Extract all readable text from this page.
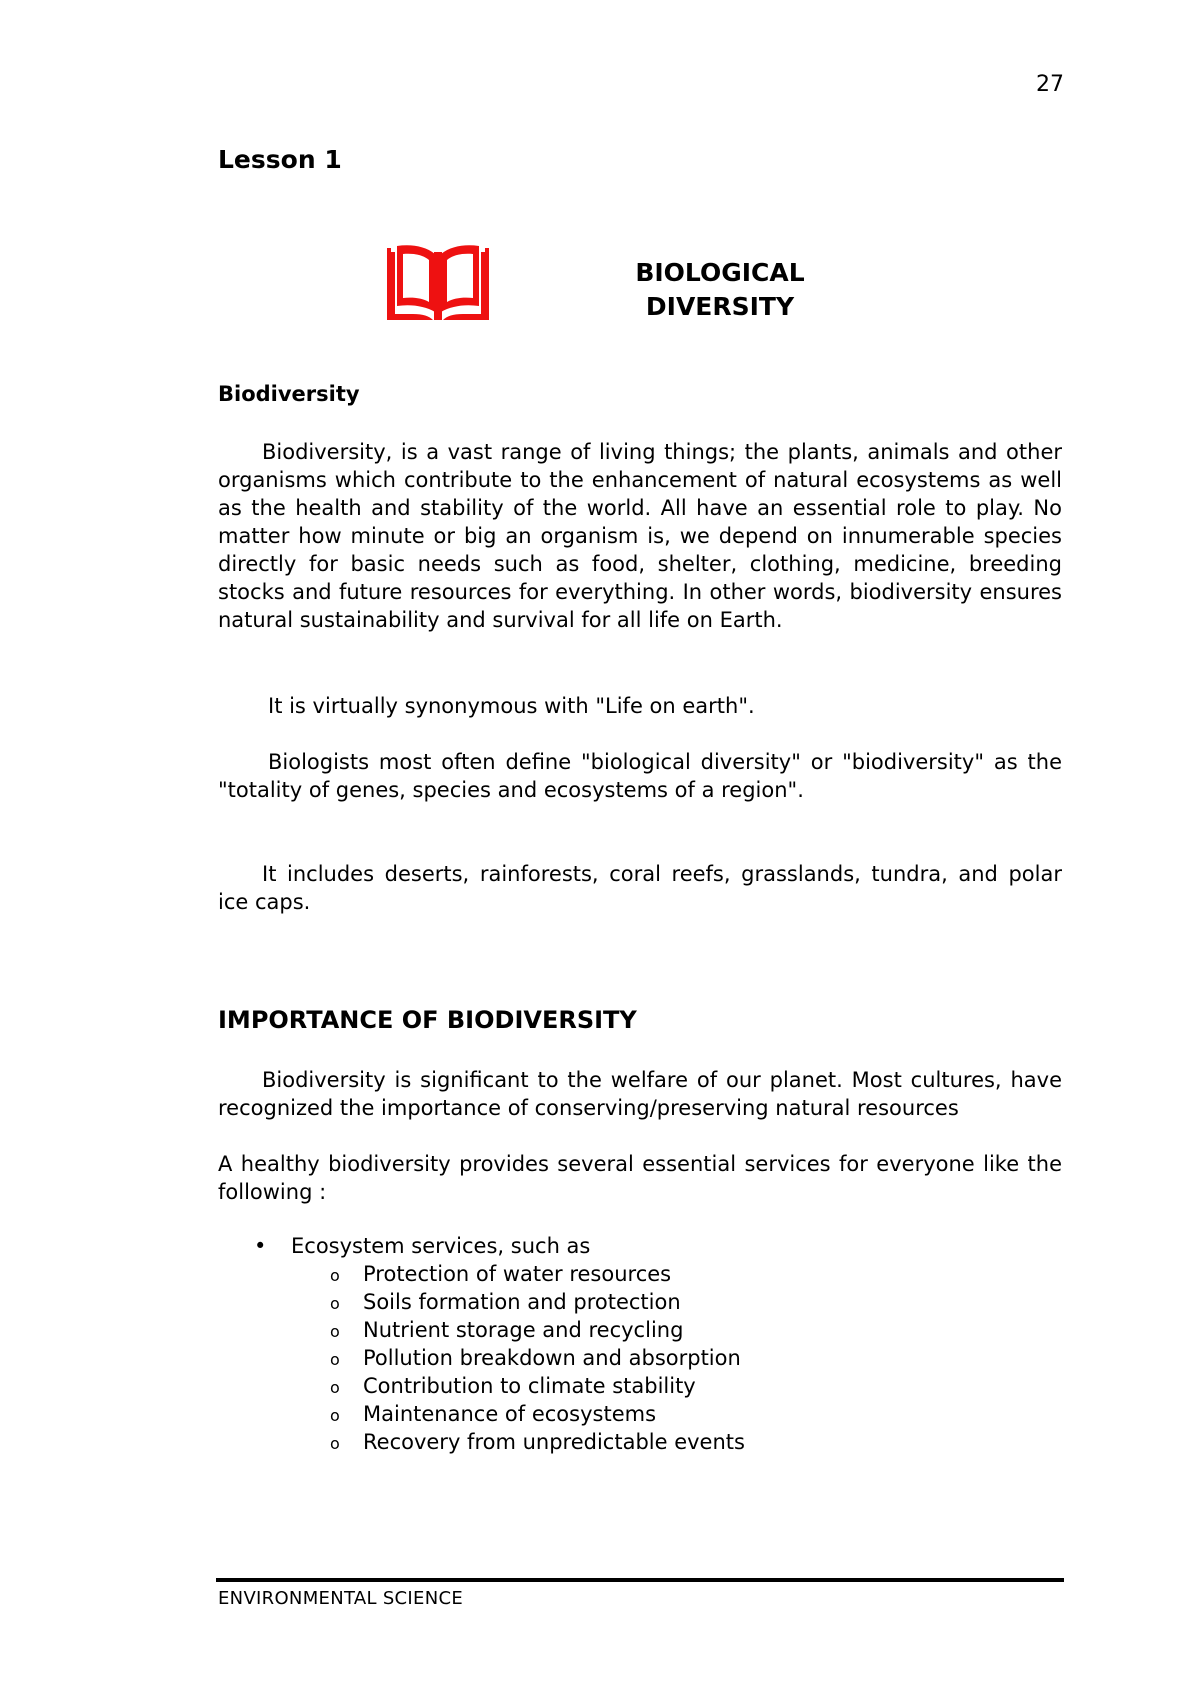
27
Lesson 1
BIOLOGICAL
DIVERSITY
Biodiversity

Biodiversity, is a vast range of living things; the plants, animals and other organisms which contribute to the enhancement of natural ecosystems as well as the health and stability of the world. All have an essential role to play. No matter how minute or big an organism is, we depend on innumerable species directly for basic needs such as food, shelter, clothing, medicine, breeding stocks and future resources for everything. In other words, biodiversity ensures natural sustainability and survival for all life on Earth.

It is virtually synonymous with "Life on earth".

Biologists most often define "biological diversity" or "biodiversity" as the "totality of genes, species and ecosystems of a region".

It includes deserts, rainforests, coral reefs, grasslands, tundra, and polar ice caps.

IMPORTANCE OF BIODIVERSITY

Biodiversity is significant to the welfare of our planet. Most cultures, have recognized the importance of conserving/preserving natural resources

A healthy biodiversity provides several essential services for everyone like the following :

• Ecosystem services, such as
o Protection of water resources
o Soils formation and protection
o Nutrient storage and recycling
o Pollution breakdown and absorption
o Contribution to climate stability
o Maintenance of ecosystems
o Recovery from unpredictable events
ENVIRONMENTAL SCIENCE
